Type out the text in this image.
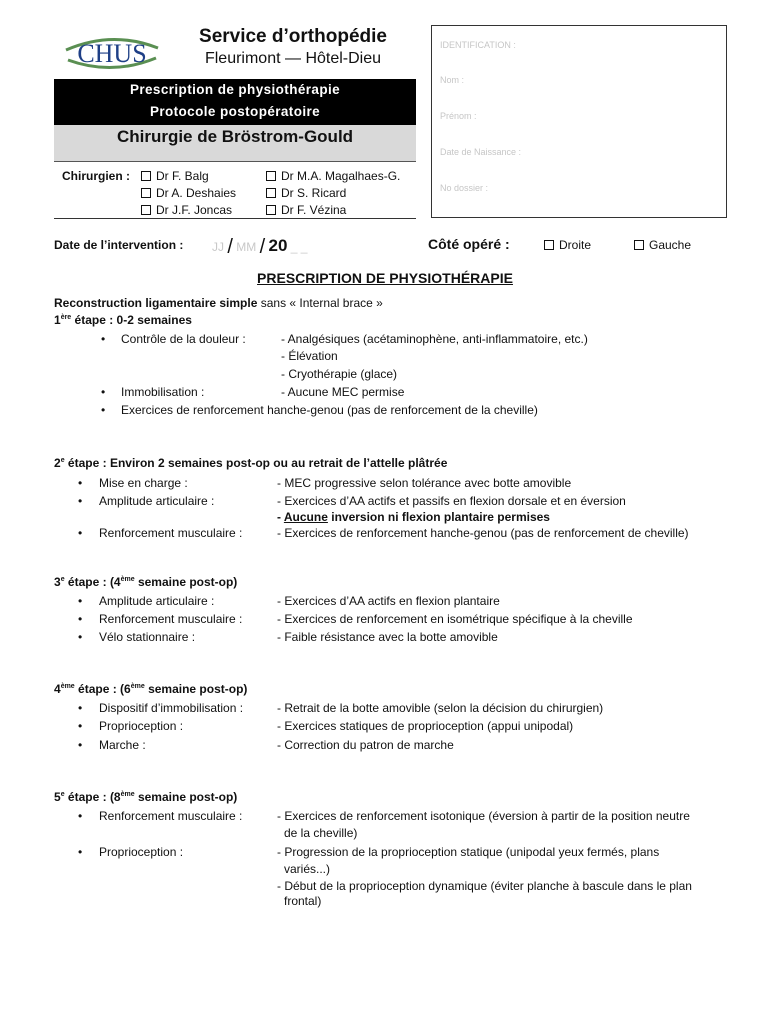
CHUS
Service d’orthopédie
Fleurimont — Hôtel-Dieu
Prescription de physiothérapie
Protocole postopératoire
Chirurgie de Bröstrom-Gould
Chirurgien :	Dr F. Balg
Dr A. Deshaies
Dr J.F. Joncas
Dr M.A. Magalhaes-G.
Dr S. Ricard
Dr F. Vézina
IDENTIFICATION :
Nom :
Prénom :
Date de Naissance :
No dossier :
Date de l’intervention : JJ / MM / 20 _ _	Côté opéré :	Droite	Gauche
PRESCRIPTION DE PHYSIOTHÉRAPIE
Reconstruction ligamentaire simple sans « Internal brace »
1ère étape : 0-2 semaines
• Contrôle de la douleur :	- Analgésiques (acétaminophène, anti-inflammatoire, etc.)
- Élévation
- Cryothérapie (glace)
• Immobilisation :	- Aucune MEC permise
• Exercices de renforcement hanche-genou (pas de renforcement de la cheville)
2e étape : Environ 2 semaines post-op ou au retrait de l’attelle plâtrée
• Mise en charge :	- MEC progressive selon tolérance avec botte amovible
• Amplitude articulaire :	- Exercices d’AA actifs et passifs en flexion dorsale et en éversion
- Aucune inversion ni flexion plantaire permises
• Renforcement musculaire :	- Exercices de renforcement hanche-genou (pas de renforcement de cheville)
3e étape : (4ème semaine post-op)
• Amplitude articulaire :	- Exercices d’AA actifs en flexion plantaire
• Renforcement musculaire :	- Exercices de renforcement en isométrique spécifique à la cheville
• Vélo stationnaire :	- Faible résistance avec la botte amovible
4ème étape : (6ème semaine post-op)
• Dispositif d’immobilisation :	- Retrait de la botte amovible (selon la décision du chirurgien)
• Proprioception :	- Exercices statiques de proprioception (appui unipodal)
• Marche :	- Correction du patron de marche
5e étape : (8ème semaine post-op)
• Renforcement musculaire :	- Exercices de renforcement isotonique (éversion à partir de la position neutre
de la cheville)
• Proprioception :	- Progression de la proprioception statique (unipodal yeux fermés, plans
variés...)
- Début de la proprioception dynamique (éviter planche à bascule dans le plan
frontal)
